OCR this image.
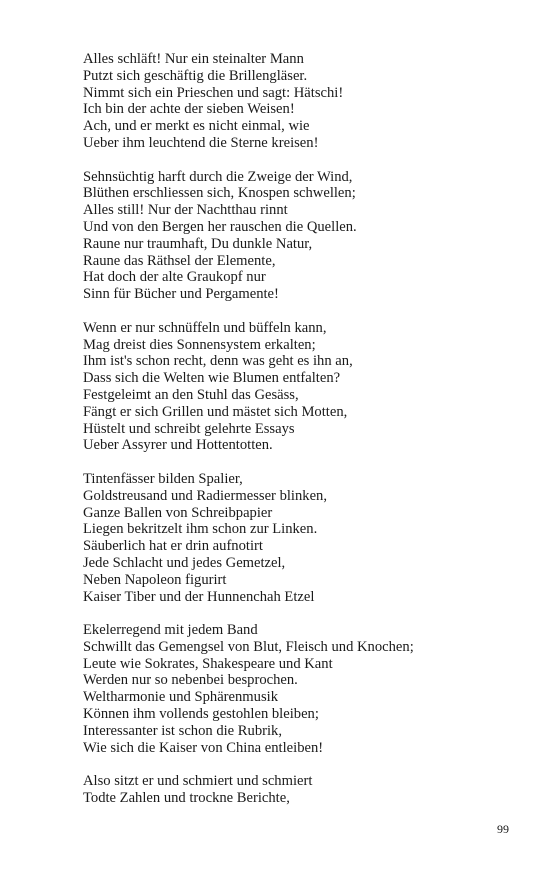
Alles schläft! Nur ein steinalter Mann
Putzt sich geschäftig die Brillengläser.
Nimmt sich ein Prieschen und sagt: Hätschi!
Ich bin der achte der sieben Weisen!
Ach, und er merkt es nicht einmal, wie
Ueber ihm leuchtend die Sterne kreisen!
Sehnsüchtig harft durch die Zweige der Wind,
Blüthen erschliessen sich, Knospen schwellen;
Alles still! Nur der Nachtthau rinnt
Und von den Bergen her rauschen die Quellen.
Raune nur traumhaft, Du dunkle Natur,
Raune das Räthsel der Elemente,
Hat doch der alte Graukopf nur
Sinn für Bücher und Pergamente!
Wenn er nur schnüffeln und büffeln kann,
Mag dreist dies Sonnensystem erkalten;
Ihm ist's schon recht, denn was geht es ihn an,
Dass sich die Welten wie Blumen entfalten?
Festgeleimt an den Stuhl das Gesäss,
Fängt er sich Grillen und mästet sich Motten,
Hüstelt und schreibt gelehrte Essays
Ueber Assyrer und Hottentotten.
Tintenfässer bilden Spalier,
Goldstreusand und Radiermesser blinken,
Ganze Ballen von Schreibpapier
Liegen bekritzelt ihm schon zur Linken.
Säuberlich hat er drin aufnotirt
Jede Schlacht und jedes Gemetzel,
Neben Napoleon figurirt
Kaiser Tiber und der Hunnenchah Etzel
Ekelerregend mit jedem Band
Schwillt das Gemengsel von Blut, Fleisch und Knochen;
Leute wie Sokrates, Shakespeare und Kant
Werden nur so nebenbei besprochen.
Weltharmonie und Sphärenmusik
Können ihm vollends gestohlen bleiben;
Interessanter ist schon die Rubrik,
Wie sich die Kaiser von China entleiben!
Also sitzt er und schmiert und schmiert
Todte Zahlen und trockne Berichte,
99
